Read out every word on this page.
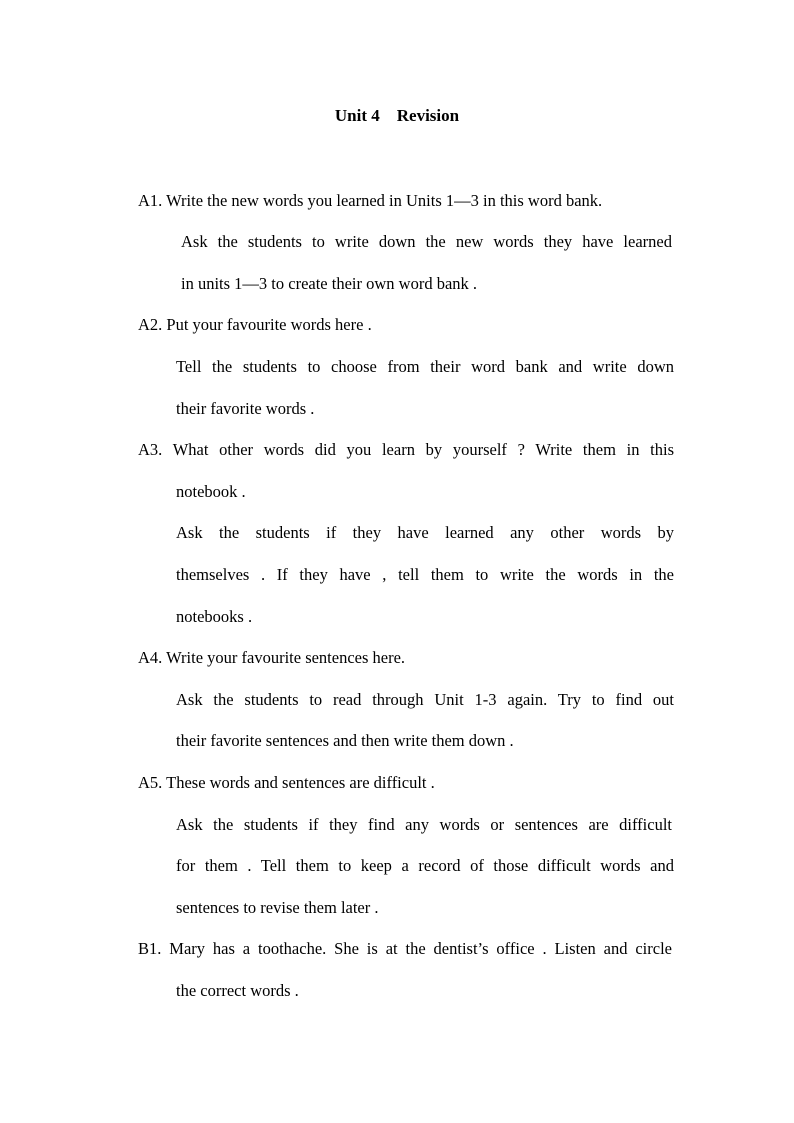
Unit 4    Revision
A1. Write the new words you learned in Units 1—3 in this word bank.
Ask the students to write down the new words they have learned
in units 1—3 to create their own word bank .
A2. Put your favourite words here .
Tell the students to choose from their word bank and write down
their favorite words .
A3. What other words did you learn by yourself ? Write them in this
notebook .
Ask the students if they have learned any other words by
themselves . If they have , tell them to write the words in the
notebooks .
A4. Write your favourite sentences here.
Ask the students to read through Unit 1-3 again. Try to find out
their favorite sentences and then write them down .
A5. These words and sentences are difficult .
Ask the students if they find any words or sentences are difficult
for them . Tell them to keep a record of those difficult words and
sentences to revise them later .
B1. Mary has a toothache. She is at the dentist’s office . Listen and circle
the correct words .
